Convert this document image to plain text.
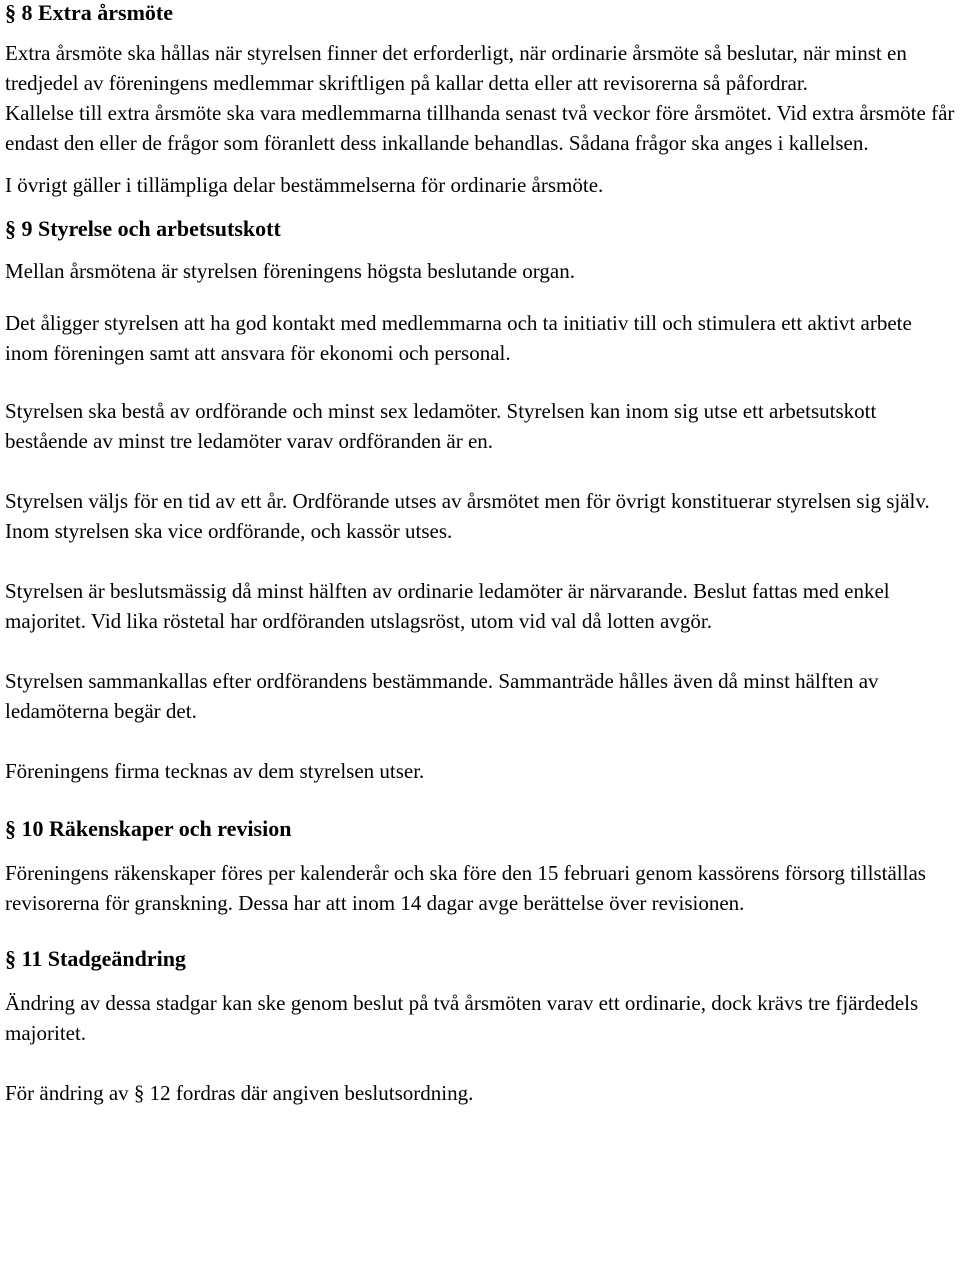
§ 8 Extra årsmöte

Extra årsmöte ska hållas när styrelsen finner det erforderligt, när ordinarie årsmöte så beslutar, när minst en tredjedel av föreningens medlemmar skriftligen på kallar detta eller att revisorerna så påfordrar.

Kallelse till extra årsmöte ska vara medlemmarna tillhanda senast två veckor före årsmötet. Vid extra årsmöte får endast den eller de frågor som föranlett dess inkallande behandlas. Sådana frågor ska anges i kallelsen.

I övrigt gäller i tillämpliga delar bestämmelserna för ordinarie årsmöte.

§ 9 Styrelse och arbetsutskott

Mellan årsmötena är styrelsen föreningens högsta beslutande organ.

Det åligger styrelsen att ha god kontakt med medlemmarna och ta initiativ till och stimulera ett aktivt arbete inom föreningen samt att ansvara för ekonomi och personal.

Styrelsen ska bestå av ordförande och minst sex ledamöter. Styrelsen kan inom sig utse ett arbetsutskott bestående av minst tre ledamöter varav ordföranden är en.

Styrelsen väljs för en tid av ett år. Ordförande utses av årsmötet men för övrigt konstituerar styrelsen sig själv. Inom styrelsen ska vice ordförande, och kassör utses.

Styrelsen är beslutsmässig då minst hälften av ordinarie ledamöter är närvarande. Beslut fattas med enkel majoritet. Vid lika röstetal har ordföranden utslagsröst, utom vid val då lotten avgör.

Styrelsen sammankallas efter ordförandens bestämmande. Sammanträde hålles även då minst hälften av ledamöterna begär det.

Föreningens firma tecknas av dem styrelsen utser.

§ 10 Räkenskaper och revision

Föreningens räkenskaper föres per kalenderår och ska före den 15 februari genom kassörens försorg tillställas revisorerna för granskning. Dessa har att inom 14 dagar avge berättelse över revisionen.

§ 11 Stadgeändring

Ändring av dessa stadgar kan ske genom beslut på två årsmöten varav ett ordinarie, dock krävs tre fjärdedels majoritet.

För ändring av § 12 fordras där angiven beslutsordning.
